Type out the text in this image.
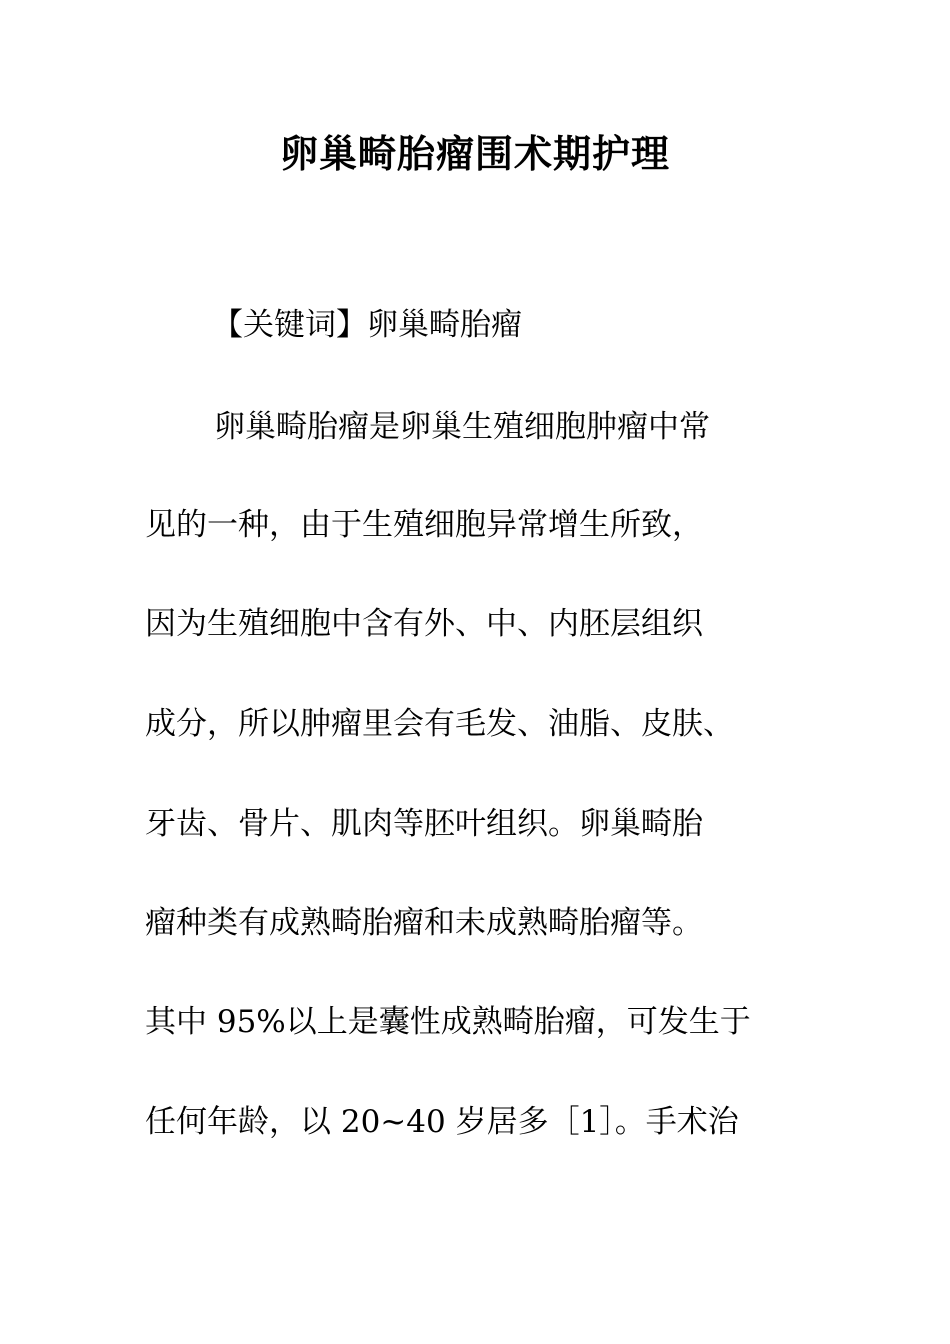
卵巢畸胎瘤围术期护理
【关键词】卵巢畸胎瘤
卵巢畸胎瘤是卵巢生殖细胞肿瘤中常
见的一种，由于生殖细胞异常增生所致，
因为生殖细胞中含有外、中、内胚层组织
成分，所以肿瘤里会有毛发、油脂、皮肤、
牙齿、骨片、肌肉等胚叶组织。卵巢畸胎
瘤种类有成熟畸胎瘤和未成熟畸胎瘤等。
其中 95%以上是囊性成熟畸胎瘤，可发生于
任何年龄，以 20~40 岁居多［1］。手术治
